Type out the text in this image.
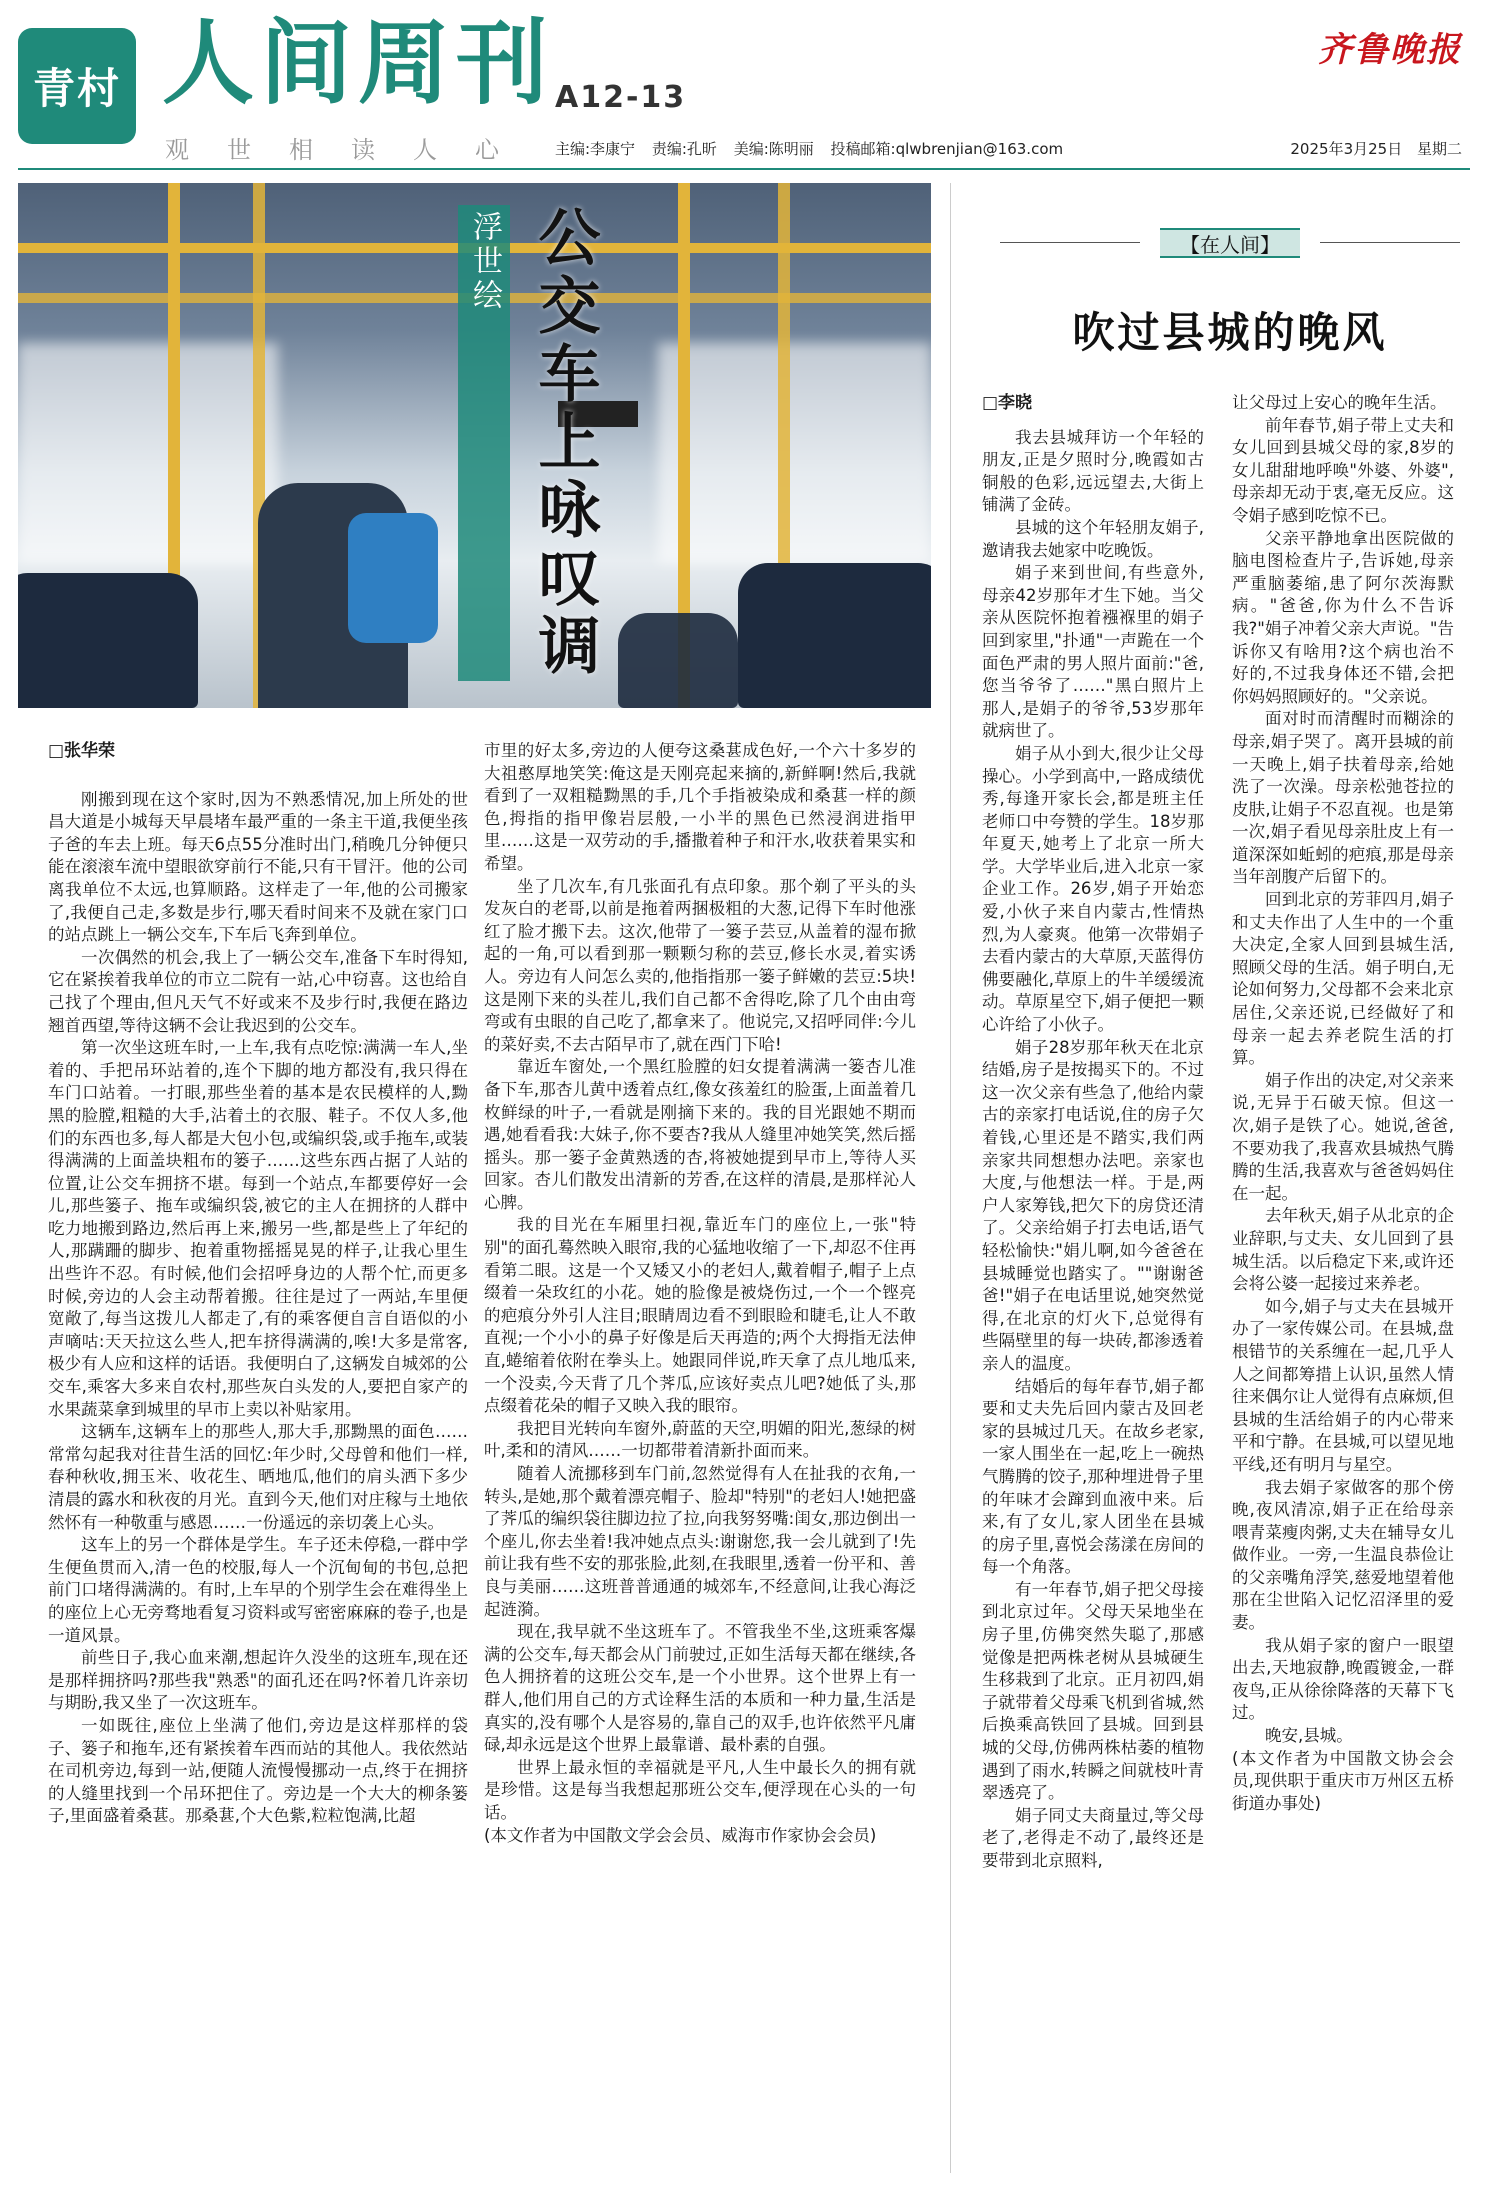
青村 人间周刊 A12-13
观世相读人心 主编:李康宁 责编:孔昕 美编:陈明丽 投稿邮箱:qlwbrenjian@163.com	2025年3月25日 星期二
齐鲁晚报
浮世绘 公交车上咏叹调

□张华荣

刚搬到现在这个家时,因为不熟悉情况,加上所处的世昌大道是小城每天早晨堵车最严重的一条主干道,我便坐孩子爸的车去上班。每天6点55分准时出门,稍晚几分钟便只能在滚滚车流中望眼欲穿前行不能,只有干冒汗。他的公司离我单位不太远,也算顺路。这样走了一年,他的公司搬家了,我便自己走,多数是步行,哪天看时间来不及就在家门口的站点跳上一辆公交车,下车后飞奔到单位。

一次偶然的机会,我上了一辆公交车,准备下车时得知,它在紧挨着我单位的市立二院有一站,心中窃喜。这也给自己找了个理由,但凡天气不好或来不及步行时,我便在路边翘首西望,等待这辆不会让我迟到的公交车。

第一次坐这班车时,一上车,我有点吃惊:满满一车人,坐着的、手把吊环站着的,连个下脚的地方都没有,我只得在车门口站着。一打眼,那些坐着的基本是农民模样的人,黝黑的脸膛,粗糙的大手,沾着土的衣服、鞋子。不仅人多,他们的东西也多,每人都是大包小包,或编织袋,或手拖车,或装得满满的上面盖块粗布的篓子……这些东西占据了人站的位置,让公交车拥挤不堪。每到一个站点,车都要停好一会儿,那些篓子、拖车或编织袋,被它的主人在拥挤的人群中吃力地搬到路边,然后再上来,搬另一些,都是些上了年纪的人,那蹒跚的脚步、抱着重物摇摇晃晃的样子,让我心里生出些许不忍。有时候,他们会招呼身边的人帮个忙,而更多时候,旁边的人会主动帮着搬。往往是过了一两站,车里便宽敞了,每当这拨儿人都走了,有的乘客便自言自语似的小声嘀咕:天天拉这么些人,把车挤得满满的,唉!大多是常客,极少有人应和这样的话语。我便明白了,这辆发自城郊的公交车,乘客大多来自农村,那些灰白头发的人,要把自家产的水果蔬菜拿到城里的早市上卖以补贴家用。

这辆车,这辆车上的那些人,那大手,那黝黑的面色……常常勾起我对往昔生活的回忆:年少时,父母曾和他们一样,春种秋收,拥玉米、收花生、晒地瓜,他们的肩头洒下多少清晨的露水和秋夜的月光。直到今天,他们对庄稼与土地依然怀有一种敬重与感恩……一份遥远的亲切袭上心头。

这车上的另一个群体是学生。车子还未停稳,一群中学生便鱼贯而入,清一色的校服,每人一个沉甸甸的书包,总把前门口堵得满满的。有时,上车早的个别学生会在难得坐上的座位上心无旁骛地看复习资料或写密密麻麻的卷子,也是一道风景。

前些日子,我心血来潮,想起许久没坐的这班车,现在还是那样拥挤吗?那些我"熟悉"的面孔还在吗?怀着几许亲切与期盼,我又坐了一次这班车。

一如既往,座位上坐满了他们,旁边是这样那样的袋子、篓子和拖车,还有紧挨着车西而站的其他人。我依然站在司机旁边,每到一站,便随人流慢慢挪动一点,终于在拥挤的人缝里找到一个吊环把住了。旁边是一个大大的柳条篓子,里面盛着桑葚。那桑葚,个大色紫,粒粒饱满,比超

市里的好太多,旁边的人便夸这桑葚成色好,一个六十多岁的大祖憨厚地笑笑:俺这是天刚亮起来摘的,新鲜啊!然后,我就看到了一双粗糙黝黑的手,几个手指被染成和桑葚一样的颜色,拇指的指甲像岩层般,一小半的黑色已然浸润进指甲里……这是一双劳动的手,播撒着种子和汗水,收获着果实和希望。

坐了几次车,有几张面孔有点印象。那个剃了平头的头发灰白的老哥,以前是拖着两捆极粗的大葱,记得下车时他涨红了脸才搬下去。这次,他带了一篓子芸豆,从盖着的湿布掀起的一角,可以看到那一颗颗匀称的芸豆,修长水灵,着实诱人。旁边有人问怎么卖的,他指指那一篓子鲜嫩的芸豆:5块!这是刚下来的头茬儿,我们自己都不舍得吃,除了几个由由弯弯或有虫眼的自己吃了,都拿来了。他说完,又招呼同伴:今儿的菜好卖,不去古陌早市了,就在西门下哈!

靠近车窗处,一个黑红脸膛的妇女提着满满一篓杏儿准备下车,那杏儿黄中透着点红,像女孩羞红的脸蛋,上面盖着几枚鲜绿的叶子,一看就是刚摘下来的。我的目光跟她不期而遇,她看看我:大妹子,你不要杏?我从人缝里冲她笑笑,然后摇摇头。那一篓子金黄熟透的杏,将被她提到早市上,等待人买回家。杏儿们散发出清新的芳香,在这样的清晨,是那样沁人心脾。

我的目光在车厢里扫视,靠近车门的座位上,一张"特别"的面孔蓦然映入眼帘,我的心猛地收缩了一下,却忍不住再看第二眼。这是一个又矮又小的老妇人,戴着帽子,帽子上点缀着一朵玫红的小花。她的脸像是被烧伤过,一个一个铿亮的疤痕分外引人注目;眼睛周边看不到眼睑和睫毛,让人不敢直视;一个小小的鼻子好像是后天再造的;两个大拇指无法伸直,蜷缩着依附在拳头上。她跟同伴说,昨天拿了点儿地瓜来,一个没卖,今天背了几个荠瓜,应该好卖点儿吧?她低了头,那点缀着花朵的帽子又映入我的眼帘。

我把目光转向车窗外,蔚蓝的天空,明媚的阳光,葱绿的树叶,柔和的清风……一切都带着清新扑面而来。

随着人流挪移到车门前,忽然觉得有人在扯我的衣角,一转头,是她,那个戴着漂亮帽子、脸却"特别"的老妇人!她把盛了荠瓜的编织袋往脚边拉了拉,向我努努嘴:闺女,那边倒出一个座儿,你去坐着!我冲她点点头:谢谢您,我一会儿就到了!先前让我有些不安的那张脸,此刻,在我眼里,透着一份平和、善良与美丽……这班普普通通的城郊车,不经意间,让我心海泛起涟漪。

现在,我早就不坐这班车了。不管我坐不坐,这班乘客爆满的公交车,每天都会从门前驶过,正如生活每天都在继续,各色人拥挤着的这班公交车,是一个小世界。这个世界上有一群人,他们用自己的方式诠释生活的本质和一种力量,生活是真实的,没有哪个人是容易的,靠自己的双手,也许依然平凡庸碌,却永远是这个世界上最靠谱、最朴素的自强。

世界上最永恒的幸福就是平凡,人生中最长久的拥有就是珍惜。这是每当我想起那班公交车,便浮现在心头的一句话。

(本文作者为中国散文学会会员、威海市作家协会会员)

【在人间】
吹过县城的晚风

□李晓

我去县城拜访一个年轻的朋友,正是夕照时分,晚霞如古铜般的色彩,远远望去,大街上铺满了金砖。

县城的这个年轻朋友娟子,邀请我去她家中吃晚饭。

娟子来到世间,有些意外,母亲42岁那年才生下她。当父亲从医院怀抱着襁褓里的娟子回到家里,"扑通"一声跪在一个面色严肃的男人照片面前:"爸,您当爷爷了……"黑白照片上那人,是娟子的爷爷,53岁那年就病世了。

娟子从小到大,很少让父母操心。小学到高中,一路成绩优秀,每逢开家长会,都是班主任老师口中夸赞的学生。18岁那年夏天,她考上了北京一所大学。大学毕业后,进入北京一家企业工作。26岁,娟子开始恋爱,小伙子来自内蒙古,性情热烈,为人豪爽。他第一次带娟子去看内蒙古的大草原,天蓝得仿佛要融化,草原上的牛羊缓缓流动。草原星空下,娟子便把一颗心许给了小伙子。

娟子28岁那年秋天在北京结婚,房子是按揭买下的。不过这一次父亲有些急了,他给内蒙古的亲家打电话说,住的房子欠着钱,心里还是不踏实,我们两亲家共同想想办法吧。亲家也大度,与他想法一样。于是,两户人家筹钱,把欠下的房贷还清了。父亲给娟子打去电话,语气轻松愉快:"娟儿啊,如今爸爸在县城睡觉也踏实了。""谢谢爸爸!"娟子在电话里说,她突然觉得,在北京的灯火下,总觉得有些隔壁里的每一块砖,都渗透着亲人的温度。

结婚后的每年春节,娟子都要和丈夫先后回内蒙古及回老家的县城过几天。在故乡老家,一家人围坐在一起,吃上一碗热气腾腾的饺子,那种埋进骨子里的年味才会蹿到血液中来。后来,有了女儿,家人团坐在县城的房子里,喜悦会荡漾在房间的每一个角落。

有一年春节,娟子把父母接到北京过年。父母天呆地坐在房子里,仿佛突然失聪了,那感觉像是把两株老树从县城硬生生移栽到了北京。正月初四,娟子就带着父母乘飞机到省城,然后换乘高铁回了县城。回到县城的父母,仿佛两株枯萎的植物遇到了雨水,转瞬之间就枝叶青翠透亮了。

娟子同丈夫商量过,等父母老了,老得走不动了,最终还是要带到北京照料,

让父母过上安心的晚年生活。

前年春节,娟子带上丈夫和女儿回到县城父母的家,8岁的女儿甜甜地呼唤"外婆、外婆",母亲却无动于衷,毫无反应。这令娟子感到吃惊不已。

父亲平静地拿出医院做的脑电图检查片子,告诉她,母亲严重脑萎缩,患了阿尔茨海默病。"爸爸,你为什么不告诉我?"娟子冲着父亲大声说。"告诉你又有啥用?这个病也治不好的,不过我身体还不错,会把你妈妈照顾好的。"父亲说。

面对时而清醒时而糊涂的母亲,娟子哭了。离开县城的前一天晚上,娟子扶着母亲,给她洗了一次澡。母亲松弛苍拉的皮肤,让娟子不忍直视。也是第一次,娟子看见母亲肚皮上有一道深深如蚯蚓的疤痕,那是母亲当年剖腹产后留下的。

回到北京的芳菲四月,娟子和丈夫作出了人生中的一个重大决定,全家人回到县城生活,照顾父母的生活。娟子明白,无论如何努力,父母都不会来北京居住,父亲还说,已经做好了和母亲一起去养老院生活的打算。

娟子作出的决定,对父亲来说,无异于石破天惊。但这一次,娟子是铁了心。她说,爸爸,不要劝我了,我喜欢县城热气腾腾的生活,我喜欢与爸爸妈妈住在一起。

去年秋天,娟子从北京的企业辞职,与丈夫、女儿回到了县城生活。以后稳定下来,或许还会将公婆一起接过来养老。

如今,娟子与丈夫在县城开办了一家传媒公司。在县城,盘根错节的关系缠在一起,几乎人人之间都筹措上认识,虽然人情往来偶尔让人觉得有点麻烦,但县城的生活给娟子的内心带来平和宁静。在县城,可以望见地平线,还有明月与星空。

我去娟子家做客的那个傍晚,夜风清凉,娟子正在给母亲喂青菜瘦肉粥,丈夫在辅导女儿做作业。一旁,一生温良恭俭让的父亲嘴角浮笑,慈爱地望着他那在尘世陷入记忆沼泽里的爱妻。

我从娟子家的窗户一眼望出去,天地寂静,晚霞镀金,一群夜鸟,正从徐徐降落的天幕下飞过。

晚安,县城。

(本文作者为中国散文协会会员,现供职于重庆市万州区五桥街道办事处)
